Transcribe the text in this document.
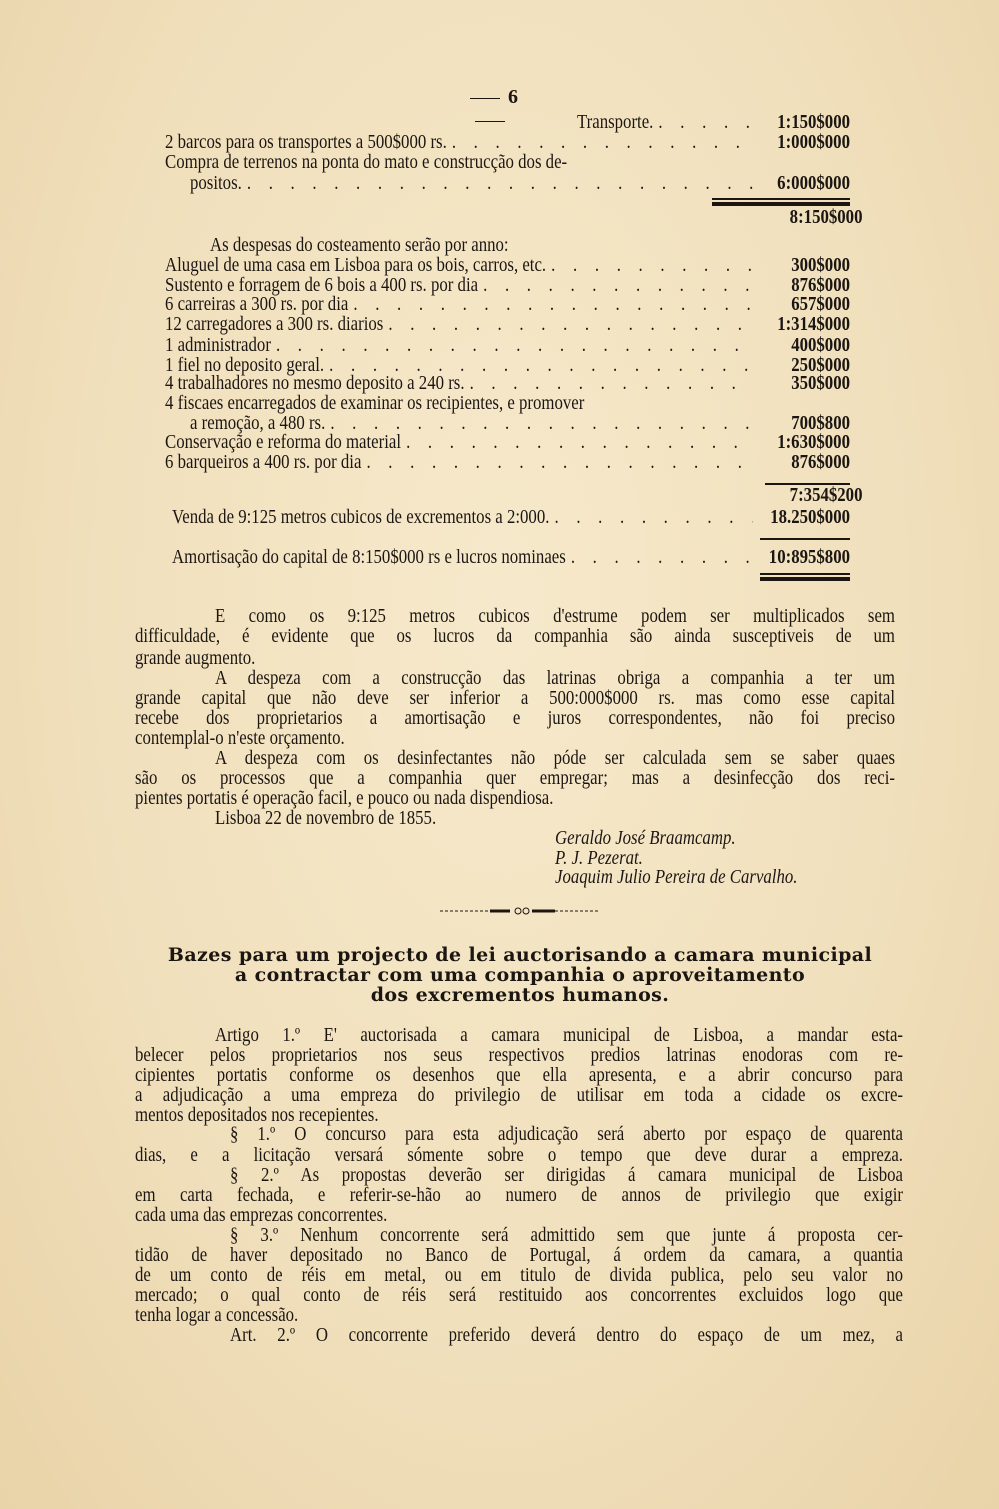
6
Transporte. . . .	1:150$000
2 barcos para os transportes a 500$000 rs. . . .	1:000$000
Compra de terrenos na ponta do mato e construcção dos de-
positos. . . .	6:000$000
8:150$000
As despesas do costeamento serão por anno:
Aluguel de uma casa em Lisboa para os bois, carros, etc. . . .	300$000
Sustento e forragem de 6 bois a 400 rs. por dia . . .	876$000
6 carreiras a 300 rs. por dia . . .	657$000
12 carregadores a 300 rs. diarios . . .	1:314$000
1 administrador . . .	400$000
1 fiel no deposito geral. . . .	250$000
4 trabalhadores no mesmo deposito a 240 rs. . . .	350$000
4 fiscaes encarregados de examinar os recipientes, e promover
a remoção, a 480 rs. . . .	700$800
Conservação e reforma do material . . .	1:630$000
6 barqueiros a 400 rs. por dia . . .	876$000
7:354$200
Venda de 9:125 metros cubicos de excrementos a 2:000. . . .	18.250$000
Amortisação do capital de 8:150$000 rs e lucros nominaes . . .	10:895$800
E como os 9:125 metros cubicos d'estrume podem ser multiplicados sem
difficuldade, é evidente que os lucros da companhia são ainda susceptiveis de um
grande augmento.
A despeza com a construcção das latrinas obriga a companhia a ter um
grande capital que não deve ser inferior a 500:000$000 rs. mas como esse capital
recebe dos proprietarios a amortisação e juros correspondentes, não foi preciso
contemplal-o n'este orçamento.
A despeza com os desinfectantes não póde ser calculada sem se saber quaes
são os processos que a companhia quer empregar; mas a desinfecção dos reci-
pientes portatis é operação facil, e pouco ou nada dispendiosa.
Lisboa 22 de novembro de 1855.
Geraldo José Braamcamp.
P. J. Pezerat.
Joaquim Julio Pereira de Carvalho.
Bazes para um projecto de lei auctorisando a camara municipal
a contractar com uma companhia o aproveitamento
dos excrementos humanos.
Artigo 1.º E' auctorisada a camara municipal de Lisboa, a mandar esta-
belecer pelos proprietarios nos seus respectivos predios latrinas enodoras com re-
cipientes portatis conforme os desenhos que ella apresenta, e a abrir concurso para
a adjudicação a uma empreza do privilegio de utilisar em toda a cidade os excre-
mentos depositados nos recepientes.
§ 1.º O concurso para esta adjudicação será aberto por espaço de quarenta
dias, e a licitação versará sómente sobre o tempo que deve durar a empreza.
§ 2.º As propostas deverão ser dirigidas á camara municipal de Lisboa
em carta fechada, e referir-se-hão ao numero de annos de privilegio que exigir
cada uma das emprezas concorrentes.
§ 3.º Nenhum concorrente será admittido sem que junte á proposta cer-
tidão de haver depositado no Banco de Portugal, á ordem da camara, a quantia
de um conto de réis em metal, ou em titulo de divida publica, pelo seu valor no
mercado; o qual conto de réis será restituido aos concorrentes excluidos logo que
tenha logar a concessão.
Art. 2.º O concorrente preferido deverá dentro do espaço de um mez, a
